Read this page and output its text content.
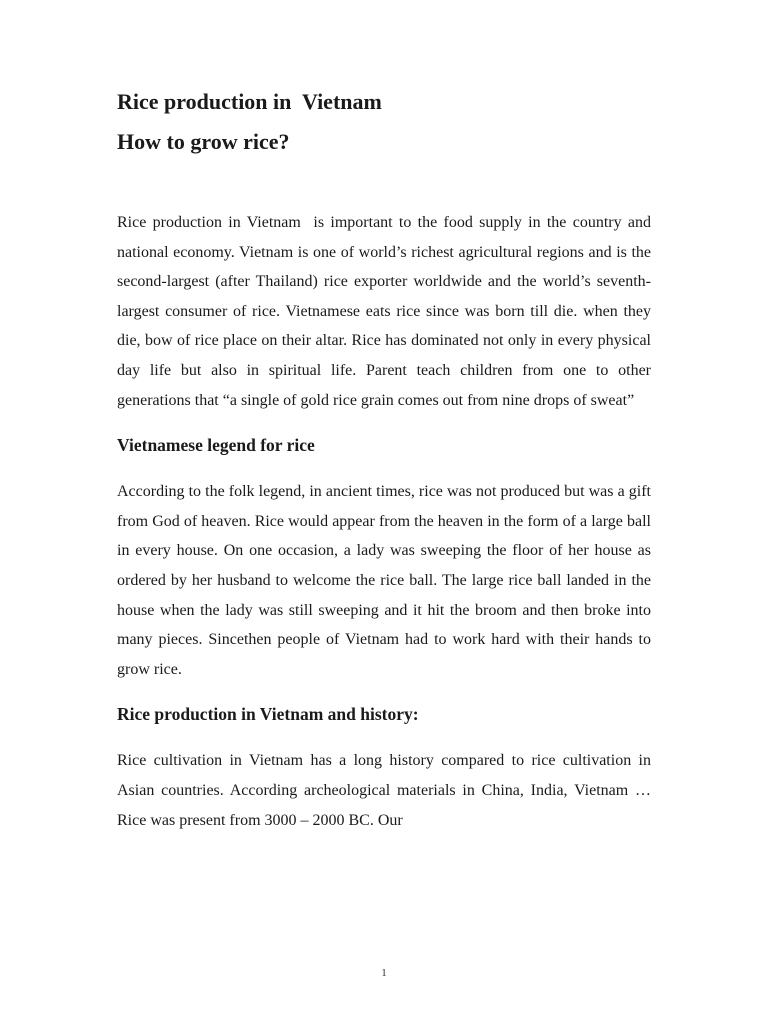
Rice production in  Vietnam
How to grow rice?

Rice production in Vietnam  is important to the food supply in the country and national economy. Vietnam is one of world’s richest agricultural regions and is the second-largest (after Thailand) rice exporter worldwide and the world’s seventh-largest consumer of rice. Vietnamese eats rice since was born till die. when they die, bow of rice place on their altar. Rice has dominated not only in every physical day life but also in spiritual life. Parent teach children from one to other generations that “a single of gold rice grain comes out from nine drops of sweat”

Vietnamese legend for rice

According to the folk legend, in ancient times, rice was not produced but was a gift from God of heaven. Rice would appear from the heaven in the form of a large ball in every house. On one occasion, a lady was sweeping the floor of her house as ordered by her husband to welcome the rice ball. The large rice ball landed in the house when the lady was still sweeping and it hit the broom and then broke into many pieces. Sincethen people of Vietnam had to work hard with their hands to grow rice.

Rice production in Vietnam and history:

Rice cultivation in Vietnam has a long history compared to rice cultivation in Asian countries. According archeological materials in China, India, Vietnam … Rice was present from 3000 – 2000 BC. Our

1
